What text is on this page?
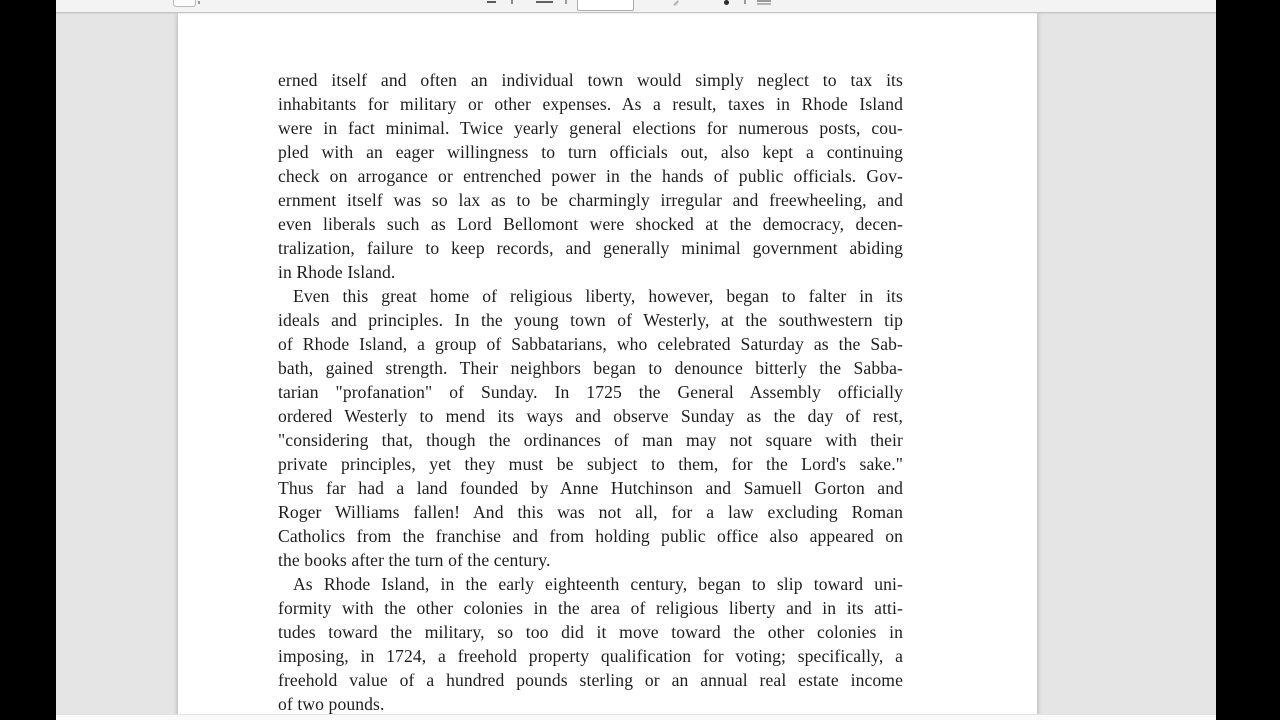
erned itself and often an individual town would simply neglect to tax its
inhabitants for military or other expenses. As a result, taxes in Rhode Island
were in fact minimal. Twice yearly general elections for numerous posts, cou-
pled with an eager willingness to turn officials out, also kept a continuing
check on arrogance or entrenched power in the hands of public officials. Gov-
ernment itself was so lax as to be charmingly irregular and freewheeling, and
even liberals such as Lord Bellomont were shocked at the democracy, decen-
tralization, failure to keep records, and generally minimal government abiding
in Rhode Island.
Even this great home of religious liberty, however, began to falter in its
ideals and principles. In the young town of Westerly, at the southwestern tip
of Rhode Island, a group of Sabbatarians, who celebrated Saturday as the Sab-
bath, gained strength. Their neighbors began to denounce bitterly the Sabba-
tarian "profanation" of Sunday. In 1725 the General Assembly officially
ordered Westerly to mend its ways and observe Sunday as the day of rest,
"considering that, though the ordinances of man may not square with their
private principles, yet they must be subject to them, for the Lord's sake."
Thus far had a land founded by Anne Hutchinson and Samuell Gorton and
Roger Williams fallen! And this was not all, for a law excluding Roman
Catholics from the franchise and from holding public office also appeared on
the books after the turn of the century.
As Rhode Island, in the early eighteenth century, began to slip toward uni-
formity with the other colonies in the area of religious liberty and in its atti-
tudes toward the military, so too did it move toward the other colonies in
imposing, in 1724, a freehold property qualification for voting; specifically, a
freehold value of a hundred pounds sterling or an annual real estate income
of two pounds.
